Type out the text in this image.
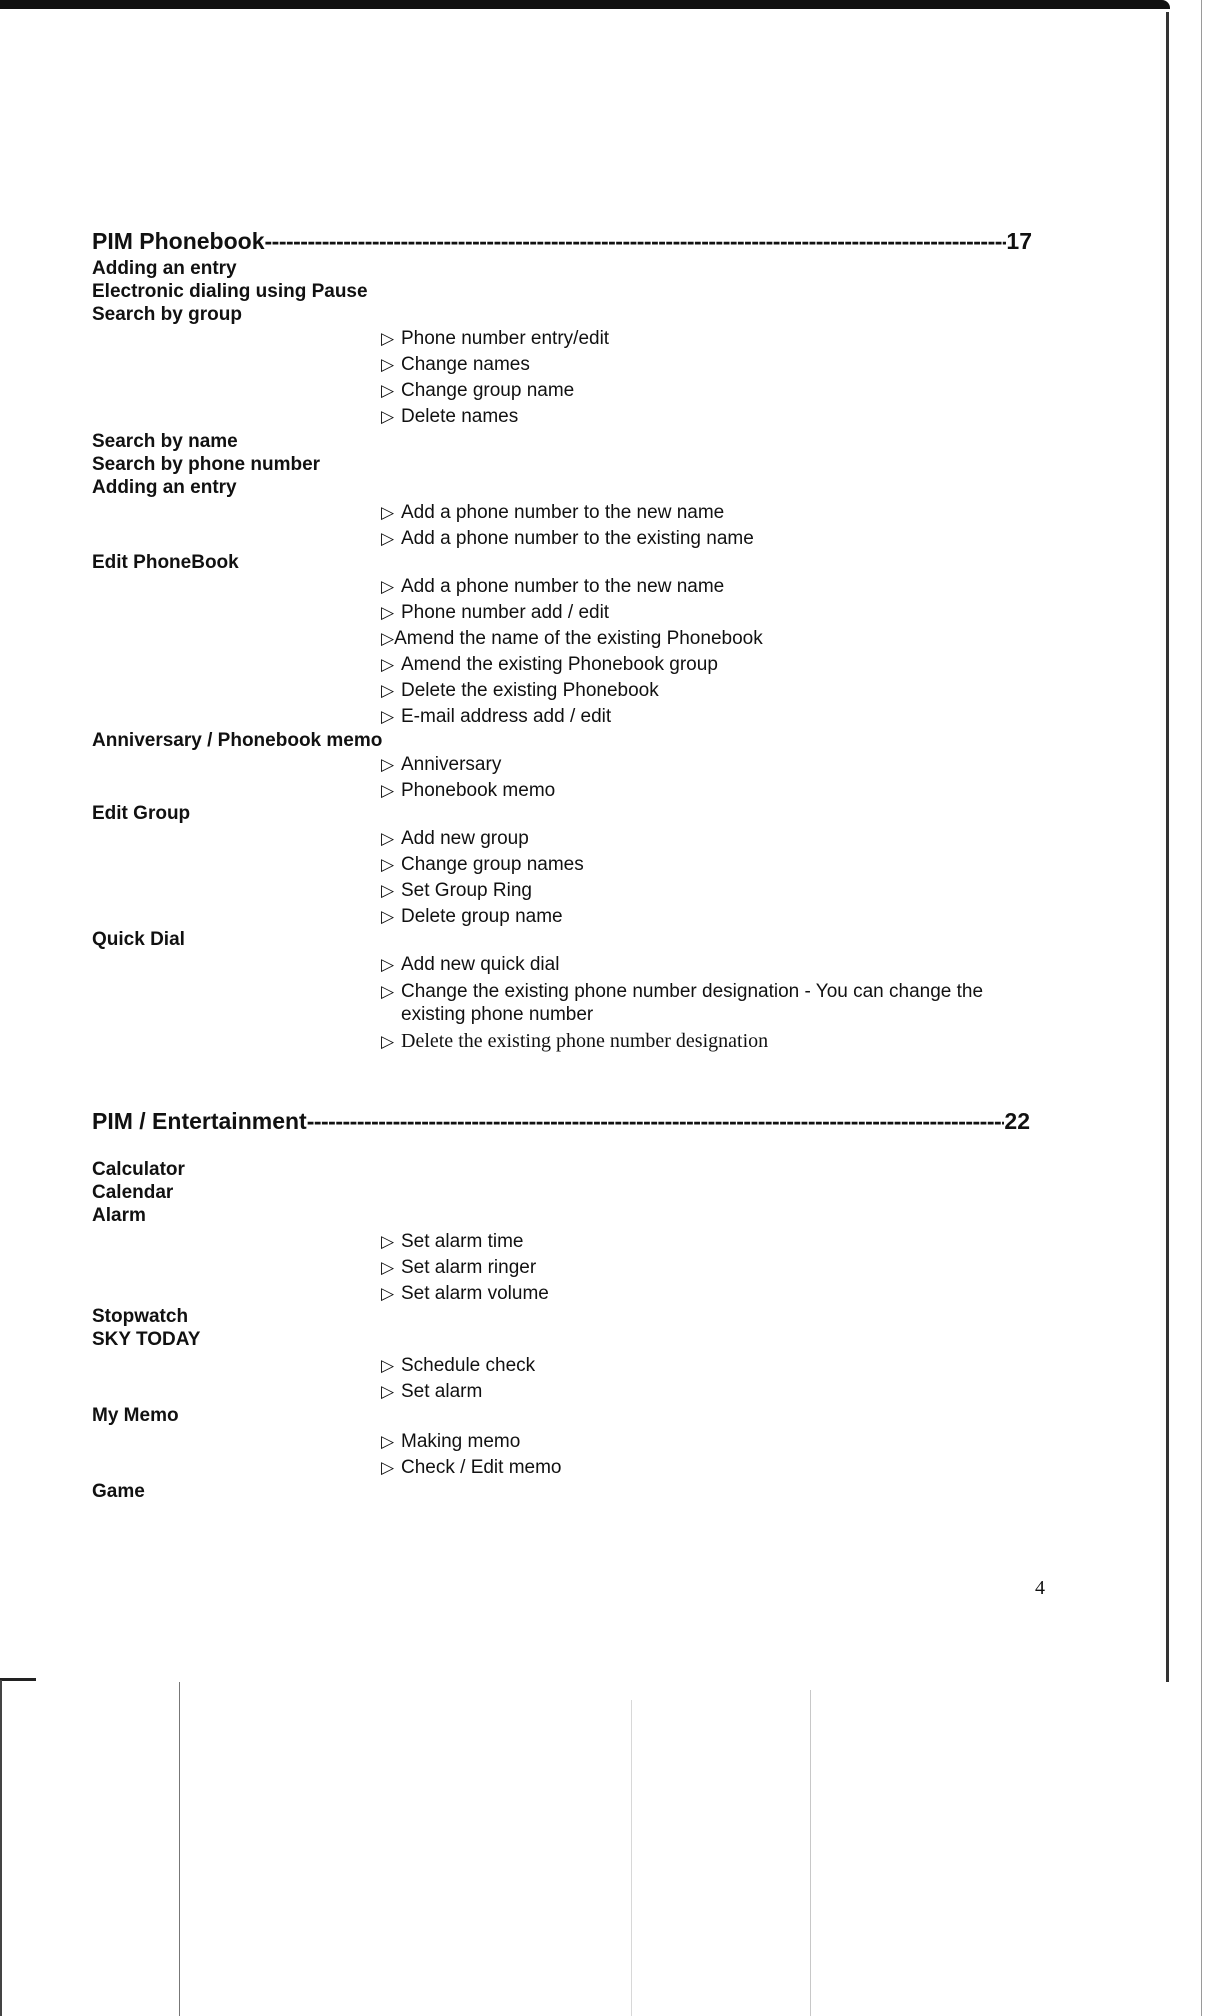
PIM Phonebook -----	17
Adding an entry
Electronic dialing using Pause
Search by group
▷ Phone number entry/edit
▷ Change names
▷ Change group name
▷ Delete names
Search by name
Search by phone number
Adding an entry
▷ Add a phone number to the new name
▷ Add a phone number to the existing name
Edit PhoneBook
▷ Add a phone number to the new name
▷ Phone number add / edit
▷Amend the name of the existing Phonebook
▷ Amend the existing Phonebook group
▷ Delete the existing Phonebook
▷ E-mail address add / edit
Anniversary / Phonebook memo
▷ Anniversary
▷ Phonebook memo
Edit Group
▷ Add new group
▷ Change group names
▷ Set Group Ring
▷ Delete group name
Quick Dial
▷ Add new quick dial
▷ Change the existing phone number designation - You can change the
existing phone number
▷ Delete the existing phone number designation
PIM / Entertainment -----	22
Calculator
Calendar
Alarm
▷ Set alarm time
▷ Set alarm ringer
▷ Set alarm volume
Stopwatch
SKY TODAY
▷ Schedule check
▷ Set alarm
My Memo
▷ Making memo
▷ Check / Edit memo
Game
4
